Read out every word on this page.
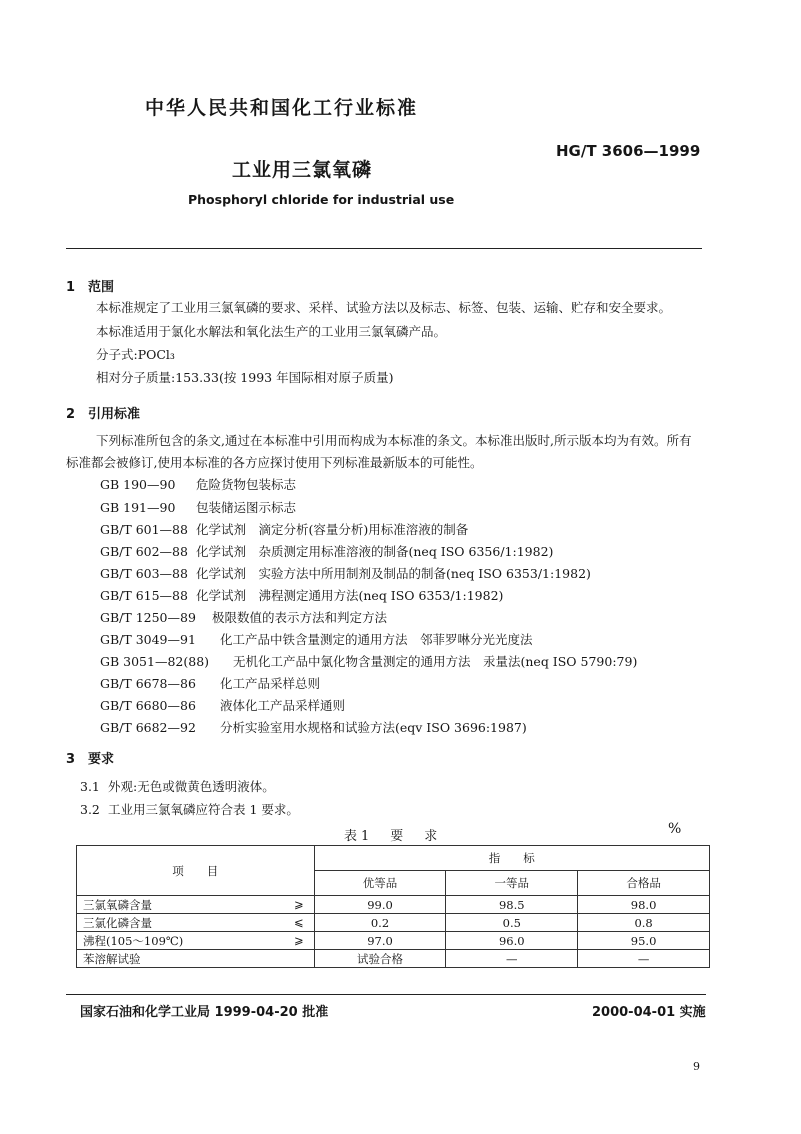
中华人民共和国化工行业标准
HG/T 3606—1999
工业用三氯氧磷
Phosphoryl chloride for industrial use
1 范围
本标准规定了工业用三氯氧磷的要求、采样、试验方法以及标志、标签、包装、运输、贮存和安全要求。
本标准适用于氯化水解法和氧化法生产的工业用三氯氧磷产品。
分子式:POCl₃
相对分子质量:153.33(按 1993 年国际相对原子质量)
2 引用标准
下列标准所包含的条文,通过在本标准中引用而构成为本标准的条文。本标准出版时,所示版本均为有效。所有标准都会被修订,使用本标准的各方应探讨使用下列标准最新版本的可能性。
GB 190—90 危险货物包装标志
GB 191—90 包装储运图示标志
GB/T 601—88 化学试剂　滴定分析(容量分析)用标准溶液的制备
GB/T 602—88 化学试剂　杂质测定用标准溶液的制备(neq ISO 6356/1:1982)
GB/T 603—88 化学试剂　实验方法中所用制剂及制品的制备(neq ISO 6353/1:1982)
GB/T 615—88 化学试剂　沸程测定通用方法(neq ISO 6353/1:1982)
GB/T 1250—89 极限数值的表示方法和判定方法
GB/T 3049—91 化工产品中铁含量测定的通用方法　邻菲罗啉分光光度法
GB 3051—82(88) 无机化工产品中氯化物含量测定的通用方法　汞量法(neq ISO 5790:79)
GB/T 6678—86 化工产品采样总则
GB/T 6680—86 液体化工产品采样通则
GB/T 6682—92 分析实验室用水规格和试验方法(eqv ISO 3696:1987)
3 要求
3.1 外观:无色或微黄色透明液体。
3.2 工业用三氯氧磷应符合表 1 要求。
表1　要　求	%
项　　目	指　　标		
	优等品	一等品	合格品
三氯氧磷含量 ⩾	99.0	98.5	98.0
三氯化磷含量 ⩽	0.2	0.5	0.8
沸程(105～109℃) ⩾	97.0	96.0	95.0
苯溶解试验	试验合格	—	—
国家石油和化学工业局 1999-04-20 批准	2000-04-01 实施
9
